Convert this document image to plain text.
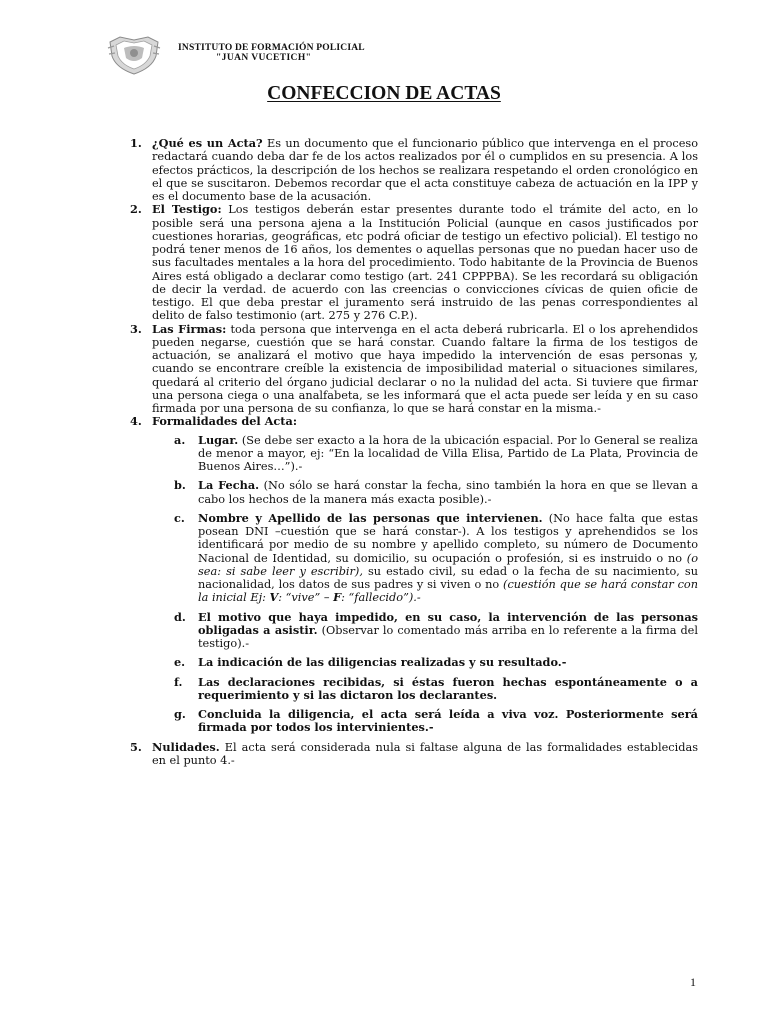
INSTITUTO DE FORMACIÓN POLICIAL
"JUAN VUCETICH"
CONFECCION DE ACTAS

1. ¿Qué es un Acta? Es un documento que el funcionario público que intervenga en el proceso redactará cuando deba dar fe de los actos realizados por él o cumplidos en su presencia. A los efectos prácticos, la descripción de los hechos se realizara respetando el orden cronológico en el que se suscitaron. Debemos recordar que el acta constituye cabeza de actuación en la IPP y es el documento base de la acusación.

2. El Testigo: Los testigos deberán estar presentes durante todo el trámite del acto, en lo posible será una persona ajena a la Institución Policial (aunque en casos justificados por cuestiones horarias, geográficas, etc podrá oficiar de testigo un efectivo policial). El testigo no podrá tener menos de 16 años, los dementes o aquellas personas que no puedan hacer uso de sus facultades mentales a la hora del procedimiento. Todo habitante de la Provincia de Buenos Aires está obligado a declarar como testigo (art. 241 CPPPBA). Se les recordará su obligación de decir la verdad. de acuerdo con las creencias o convicciones cívicas de quien oficie de testigo. El que deba prestar el juramento será instruido de las penas correspondientes al delito de falso testimonio (art. 275 y 276 C.P.).

3. Las Firmas: toda persona que intervenga en el acta deberá rubricarla. El o los aprehendidos pueden negarse, cuestión que se hará constar. Cuando faltare la firma de los testigos de actuación, se analizará el motivo que haya impedido la intervención de esas personas y, cuando se encontrare creíble la existencia de imposibilidad material o situaciones similares, quedará al criterio del órgano judicial declarar o no la nulidad del acta. Si tuviere que firmar una persona ciega o una analfabeta, se les informará que el acta puede ser leída y en su caso firmada por una persona de su confianza, lo que se hará constar en la misma.-

4. Formalidades del Acta:

a. Lugar. (Se debe ser exacto a la hora de la ubicación espacial. Por lo General se realiza de menor a mayor, ej: “En la localidad de Villa Elisa, Partido de La Plata, Provincia de Buenos Aires…”).-

b. La Fecha. (No sólo se hará constar la fecha, sino también la hora en que se llevan a cabo los hechos de la manera más exacta posible).-

c. Nombre y Apellido de las personas que intervienen. (No hace falta que estas posean DNI –cuestión que se hará constar-). A los testigos y aprehendidos se los identificará por medio de su nombre y apellido completo, su número de Documento Nacional de Identidad, su domicilio, su ocupación o profesión, si es instruido o no (o sea: si sabe leer y escribir), su estado civil, su edad o la fecha de su nacimiento, su nacionalidad, los datos de sus padres y si viven o no (cuestión que se hará constar con la inicial Ej: V: “vive” – F: “fallecido”).-

d. El motivo que haya impedido, en su caso, la intervención de las personas obligadas a asistir. (Observar lo comentado más arriba en lo referente a la firma del testigo).-

e. La indicación de las diligencias realizadas y su resultado.-

f. Las declaraciones recibidas, si éstas fueron hechas espontáneamente o a requerimiento y si las dictaron los declarantes.

g. Concluida la diligencia, el acta será leída a viva voz. Posteriormente será firmada por todos los intervinientes.-

5. Nulidades. El acta será considerada nula si faltase alguna de las formalidades establecidas en el punto 4.-

1
